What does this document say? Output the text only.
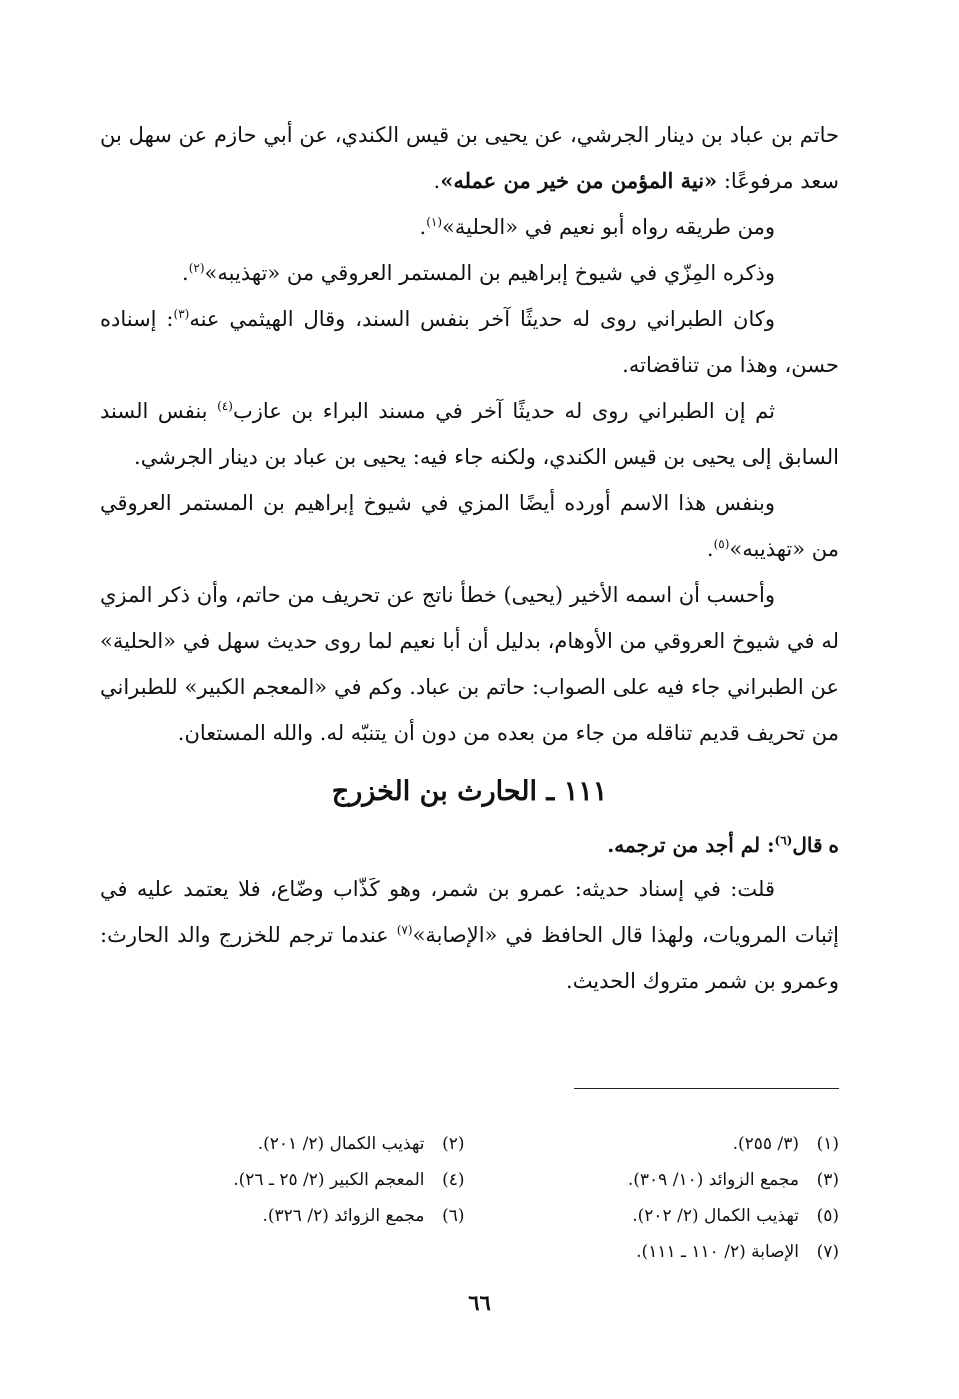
حاتم بن عباد بن دينار الجرشي، عن يحيى بن قيس الكندي، عن أبي حازم عن سهل بن سعد مرفوعًا: «نية المؤمن من خير من عمله».

ومن طريقه رواه أبو نعيم في «الحلية»$^{(١)}$.

وذكره المِزّي في شيوخ إبراهيم بن المستمر العروقي من «تهذيبه»$^{(٢)}$.

وكان الطبراني روى له حديثًا آخر بنفس السند، وقال الهيثمي عنه$^{(٣)}$: إسناده حسن، وهذا من تناقضاته.

ثم إن الطبراني روى له حديثًا آخر في مسند البراء بن عازب$^{(٤)}$ بنفس السند السابق إلى يحيى بن قيس الكندي، ولكنه جاء فيه: يحيى بن عباد بن دينار الجرشي.

وبنفس هذا الاسم أورده أيضًا المزي في شيوخ إبراهيم بن المستمر العروقي من «تهذيبه»$^{(٥)}$.

وأحسب أن اسمه الأخير (يحيى) خطأ ناتج عن تحريف من حاتم، وأن ذكر المزي له في شيوخ العروقي من الأوهام، بدليل أن أبا نعيم لما روى حديث سهل في «الحلية» عن الطبراني جاء فيه على الصواب: حاتم بن عباد. وكم في «المعجم الكبير» للطبراني من تحريف قديم تناقله من جاء من بعده من دون أن يتنبّه له. والله المستعان.

١١١ ـ الحارث بن الخزرج

ەقال$^{(٦)}$: لم أجد من ترجمه.

قلت: في إسناد حديثه: عمرو بن شمر، وهو كَذّاب وضّاع، فلا يعتمد عليه في إثبات المرويات، ولهذا قال الحافظ في «الإصابة»$^{(٧)}$ عندما ترجم للخزرج والد الحارث: وعمرو بن شمر متروك الحديث.

(١)(٣/ ٢٥٥).
(٢)تهذيب الكمال (٢/ ٢٠١).
(٣)مجمع الزوائد (١٠/ ٣٠٩).
(٤)المعجم الكبير (٢/ ٢٥ ـ ٢٦).
(٥)تهذيب الكمال (٢/ ٢٠٢).
(٦)مجمع الزوائد (٢/ ٣٢٦).
(٧)الإصابة (٢/ ١١٠ ـ ١١١).
٦٦
